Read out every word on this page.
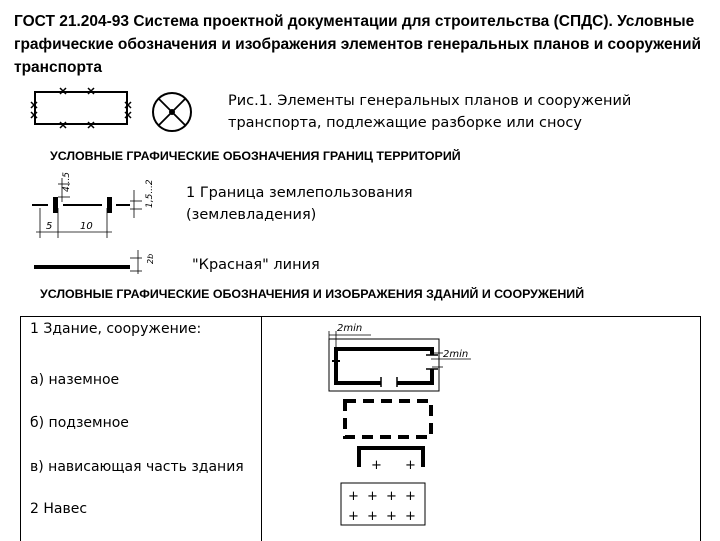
ГОСТ 21.204-93 Система проектной документации для строительства (СПДС). Условные графические обозначения и изображения элементов генеральных планов и сооружений транспорта

Рис.1. Элементы генеральных планов и сооружений
транспорта, подлежащие разборке или сносу
УСЛОВНЫЕ ГРАФИЧЕСКИЕ ОБОЗНАЧЕНИЯ ГРАНИЦ ТЕРРИТОРИЙ
4...5	1,5...2
5	10
2b
1 Граница землепользования
(землевладения)
"Красная" линия
УСЛОВНЫЕ ГРАФИЧЕСКИЕ ОБОЗНАЧЕНИЯ И ИЗОБРАЖЕНИЯ ЗДАНИЙ И СООРУЖЕНИЙ
1 Здание, сооружение:
а) наземное
б) подземное
в) нависающая часть здания
2 Навес
2min
2min
+ +
+ + + +
+ + + +
